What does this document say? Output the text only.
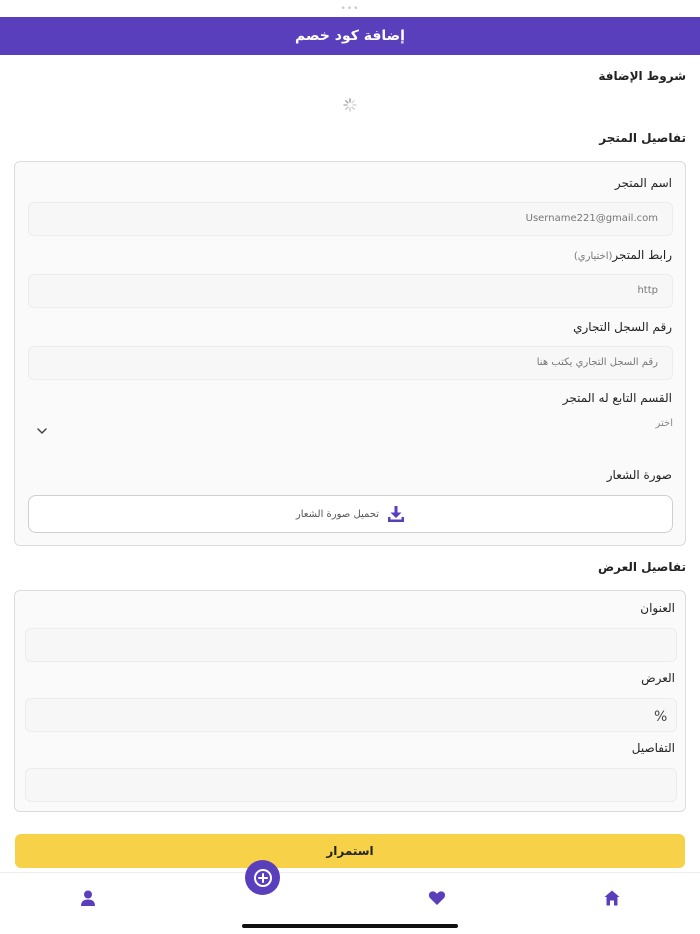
•••
إضافة كود خصم
شروط الإضافة
تفاصيل المتجر
اسم المتجر
Username221@gmail.com
رابط المتجر(اختياري)
http
رقم السجل التجاري
رقم السجل التجاري يكتب هنا
القسم التابع له المتجر
اختر
صورة الشعار
تحميل صورة الشعار
تفاصيل العرض
العنوان
العرض
%
التفاصيل
استمرار
